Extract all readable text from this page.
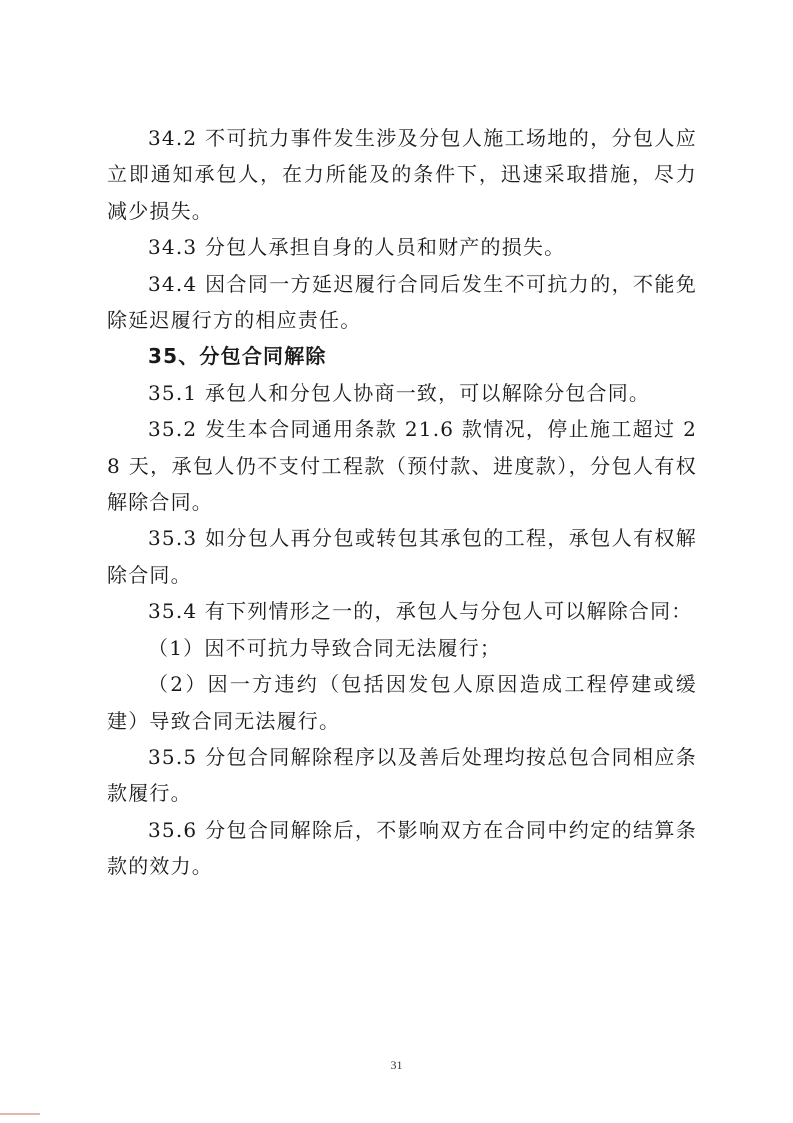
34.2 不可抗力事件发生涉及分包人施工场地的，分包人应立即通知承包人，在力所能及的条件下，迅速采取措施，尽力减少损失。

34.3 分包人承担自身的人员和财产的损失。

34.4 因合同一方延迟履行合同后发生不可抗力的，不能免除延迟履行方的相应责任。

35、分包合同解除

35.1 承包人和分包人协商一致，可以解除分包合同。

35.2 发生本合同通用条款 21.6 款情况，停止施工超过 28 天，承包人仍不支付工程款（预付款、进度款），分包人有权解除合同。

35.3 如分包人再分包或转包其承包的工程，承包人有权解除合同。

35.4 有下列情形之一的，承包人与分包人可以解除合同：

（1）因不可抗力导致合同无法履行；

（2）因一方违约（包括因发包人原因造成工程停建或缓建）导致合同无法履行。

35.5 分包合同解除程序以及善后处理均按总包合同相应条款履行。

35.6 分包合同解除后，不影响双方在合同中约定的结算条款的效力。

31
